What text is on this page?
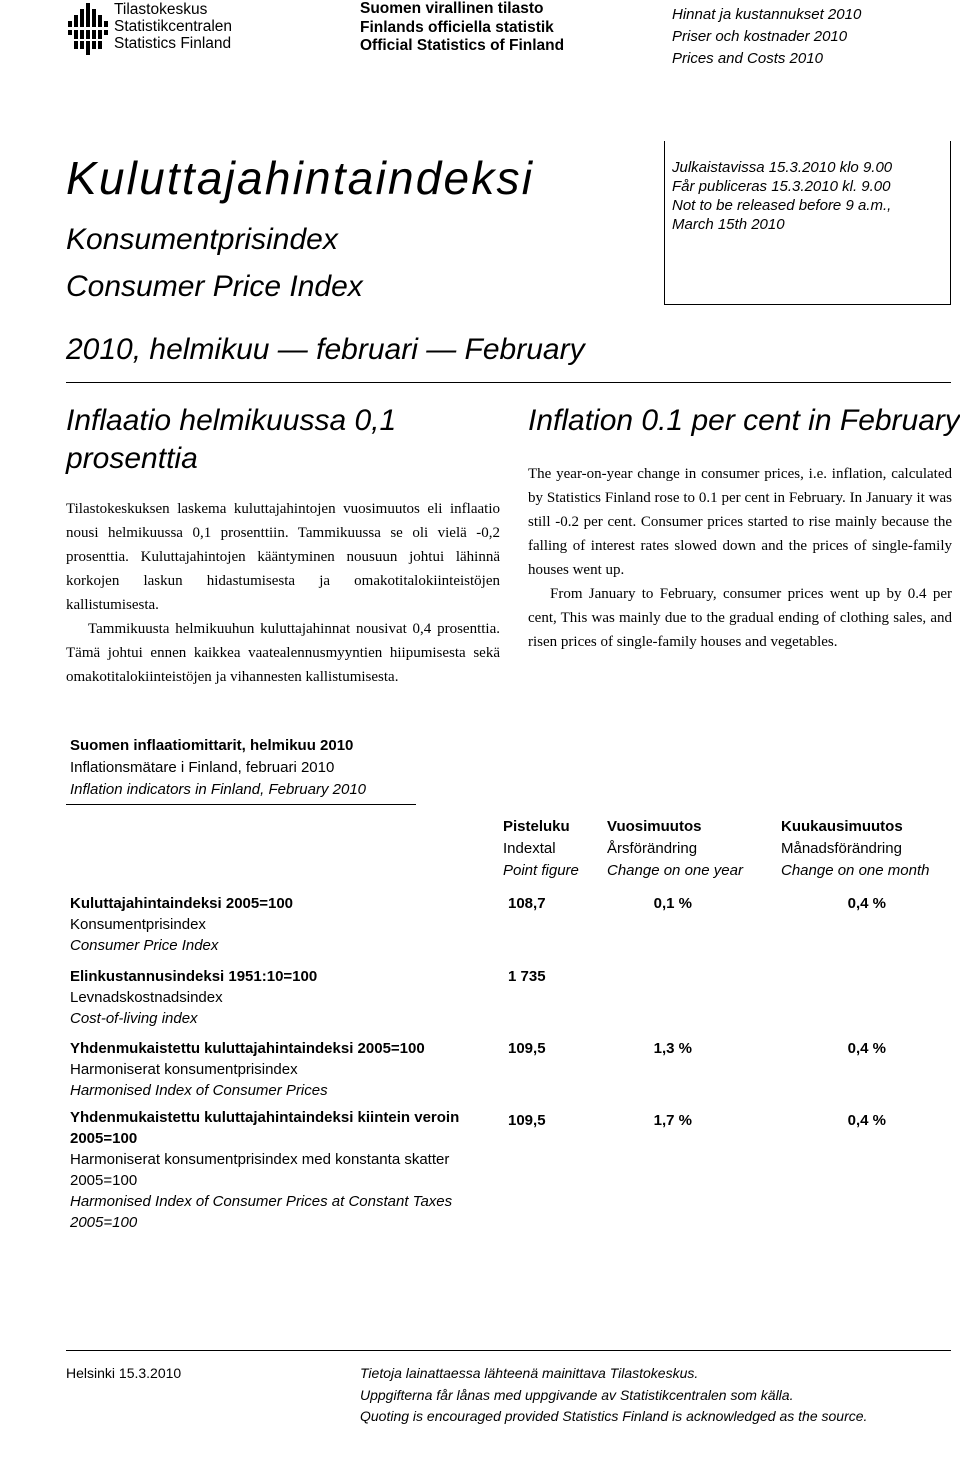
Tilastokeskus
Statistikcentralen
Statistics Finland
Suomen virallinen tilasto
Finlands officiella statistik
Official Statistics of Finland
Hinnat ja kustannukset 2010
Priser och kostnader 2010
Prices and Costs 2010
Kuluttajahintaindeksi
Konsumentprisindex
Consumer Price Index
2010, helmikuu — februari — February
Julkaistavissa 15.3.2010 klo 9.00
Får publiceras 15.3.2010 kl. 9.00
Not to be released before 9 a.m.,
March 15th 2010
Inflaatio helmikuussa 0,1 prosenttia

Tilastokeskuksen laskema kuluttajahintojen vuosimuutos eli inflaatio nousi helmikuussa 0,1 prosenttiin. Tammikuussa se oli vielä -0,2 prosenttia. Kuluttajahintojen kääntyminen nousuun johtui lähinnä korkojen laskun hidastumisesta ja omakotitalokiinteistöjen kallistumisesta.

Tammikuusta helmikuuhun kuluttajahinnat nousivat 0,4 prosenttia. Tämä johtui ennen kaikkea vaatealennusmyyntien hiipumisesta sekä omakotitalokiinteistöjen ja vihannesten kallistumisesta.

Inflation 0.1 per cent in February

The year-on-year change in consumer prices, i.e. inflation, calculated by Statistics Finland rose to 0.1 per cent in February. In January it was still -0.2 per cent. Consumer prices started to rise mainly because the falling of interest rates slowed down and the prices of single-family houses went up.

From January to February, consumer prices went up by 0.4 per cent, This was mainly due to the gradual ending of clothing sales, and risen prices of single-family houses and vegetables.

Suomen inflaatiomittarit, helmikuu 2010
Inflationsmätare i Finland, februari 2010
Inflation indicators in Finland, February 2010
Pisteluku
Indextal
Point figure
Vuosimuutos
Årsförändring
Change on one year
Kuukausimuutos
Månadsförändring
Change on one month
Kuluttajahintaindeksi 2005=100
Konsumentprisindex
Consumer Price Index
108,7	0,1 %	0,4 %
Elinkustannusindeksi 1951:10=100
Levnadskostnadsindex
Cost-of-living index
1 735
Yhdenmukaistettu kuluttajahintaindeksi 2005=100
Harmoniserat konsumentprisindex
Harmonised Index of Consumer Prices
109,5	1,3 %	0,4 %
Yhdenmukaistettu kuluttajahintaindeksi kiintein veroin 2005=100
Harmoniserat konsumentprisindex med konstanta skatter 2005=100
Harmonised Index of Consumer Prices at Constant Taxes 2005=100
109,5	1,7 %	0,4 %
Helsinki 15.3.2010	Tietoja lainattaessa lähteenä mainittava Tilastokeskus.
Uppgifterna får lånas med uppgivande av Statistikcentralen som källa.
Quoting is encouraged provided Statistics Finland is acknowledged as the source.
